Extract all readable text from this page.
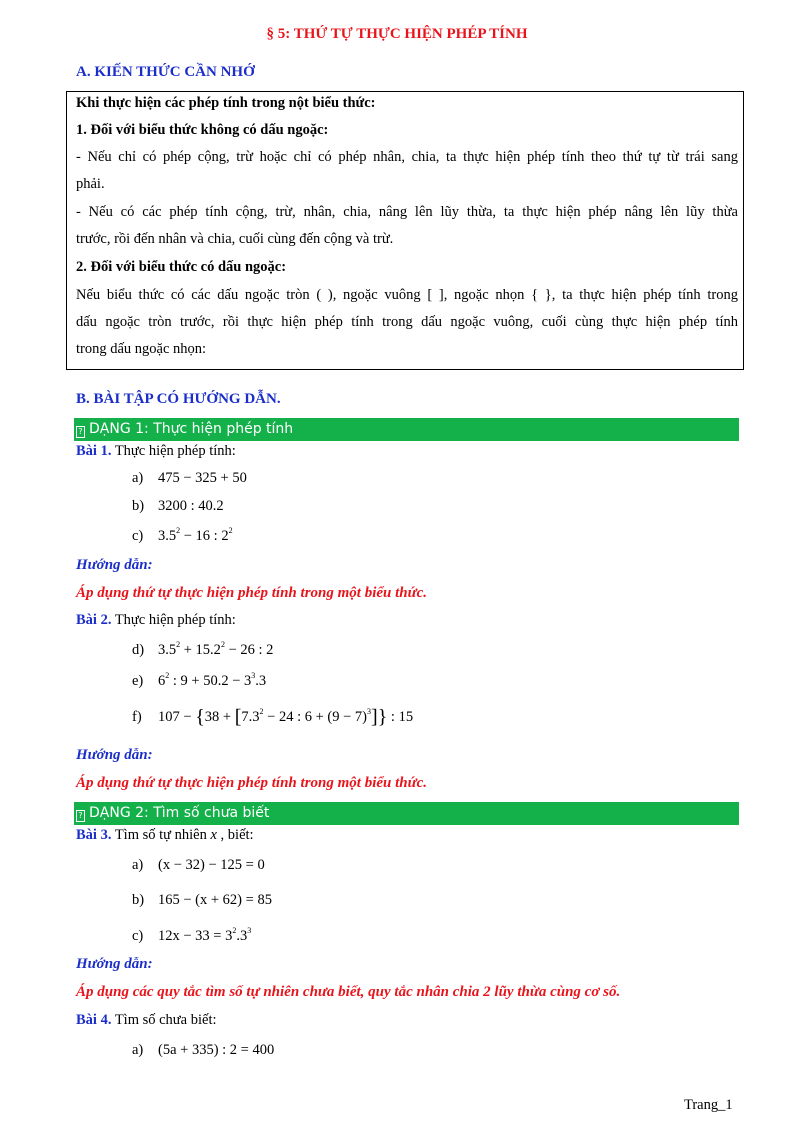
§ 5: THỨ TỰ THỰC HIỆN PHÉP TÍNH
A. KIẾN THỨC CẦN NHỚ
Khi thực hiện các phép tính trong nột biểu thức:
1. Đối với biểu thức không có dấu ngoặc:
- Nếu chỉ có phép cộng, trừ hoặc chỉ có phép nhân, chia, ta thực hiện phép tính theo thứ tự từ trái sang
phải.
- Nếu có các phép tính cộng, trừ, nhân, chia, nâng lên lũy thừa, ta thực hiện phép nâng lên lũy thừa
trước, rồi đến nhân và chia, cuối cùng đến cộng và trừ.
2. Đối với biểu thức có dấu ngoặc:
Nếu biểu thức có các dấu ngoặc tròn ( ), ngoặc vuông [ ], ngoặc nhọn { }, ta thực hiện phép tính trong
dấu ngoặc tròn trước, rồi thực hiện phép tính trong dấu ngoặc vuông, cuối cùng thực hiện phép tính
trong dấu ngoặc nhọn:
B. BÀI TẬP CÓ HƯỚNG DẪN.
? DẠNG 1: Thực hiện phép tính
Bài 1. Thực hiện phép tính:
a) 475 − 325 + 50
b) 3200 : 40.2
c) $3.5^2 - 16$ : $2^2$
Hướng dẫn:
Áp dụng thứ tự thực hiện phép tính trong một biểu thức.
Bài 2. Thực hiện phép tính:
d) $3.5^2 + 15.2^2 - 26$ : 2
e) $6^2$ : $9 + 50.2 - 3^3.3$
f) $107 - \{38 + [7.3^2 - 24$ : $6 + (9 - 7)^3$]} : 15
Hướng dẫn:
Áp dụng thứ tự thực hiện phép tính trong một biểu thức.
? DẠNG 2: Tìm số chưa biết
Bài 3. Tìm số tự nhiên x , biết:
a) (x − 32) − 125 = 0
b) 165 − (x + 62) = 85
c) $12x - 33 = 3^2.3^3$
Hướng dẫn:
Áp dụng các quy tắc tìm số tự nhiên chưa biết, quy tắc nhân chia 2 lũy thừa cùng cơ số.
Bài 4. Tìm số chưa biết:
a) (5a + 335) : 2 = 400
Trang_1
